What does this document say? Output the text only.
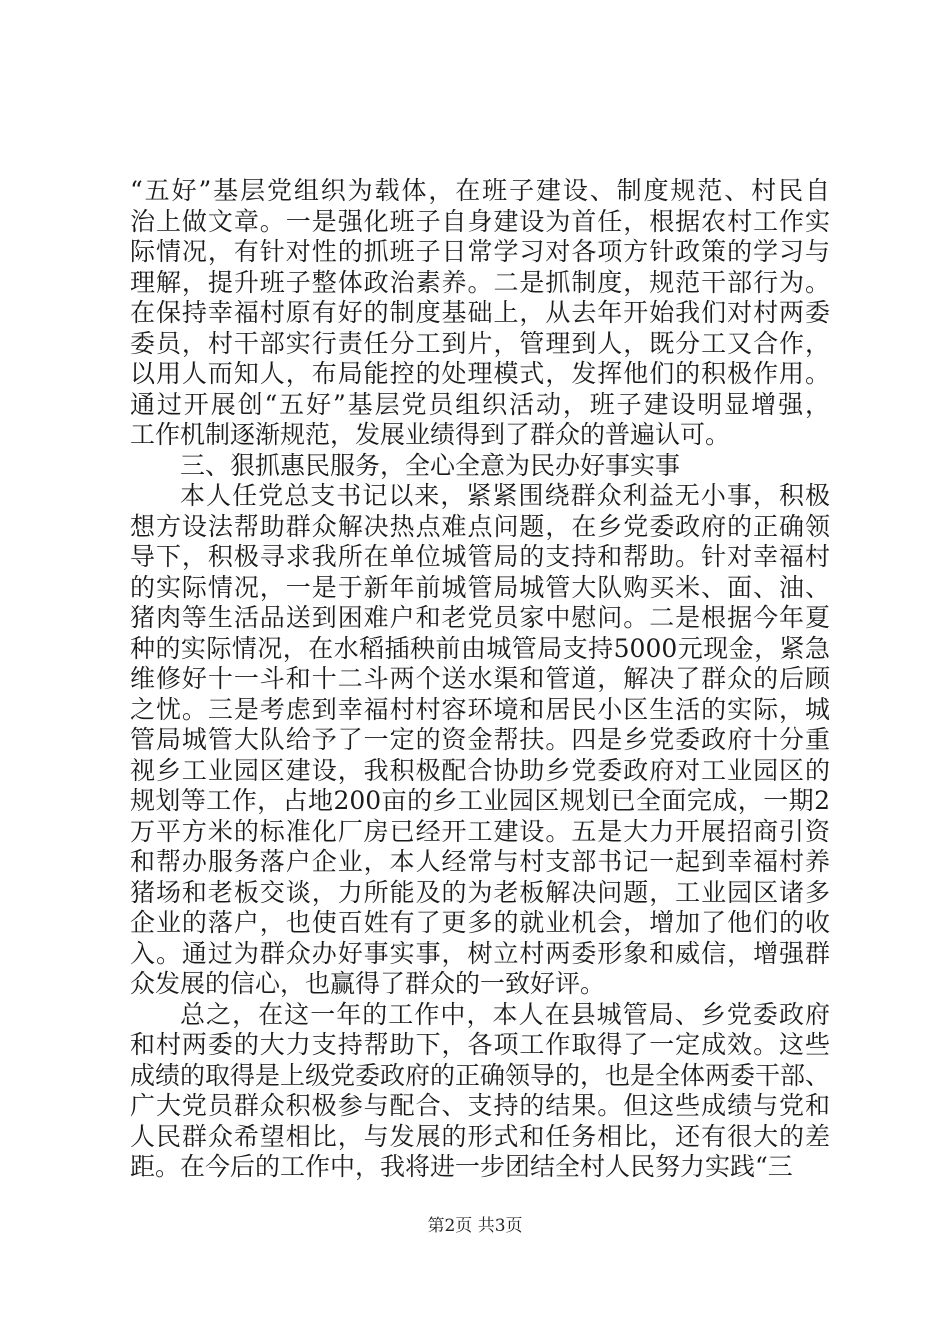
“五好”基层党组织为载体，在班子建设、制度规范、村民自
治上做文章。一是强化班子自身建设为首任，根据农村工作实
际情况，有针对性的抓班子日常学习对各项方针政策的学习与
理解，提升班子整体政治素养。二是抓制度，规范干部行为。
在保持幸福村原有好的制度基础上，从去年开始我们对村两委
委员，村干部实行责任分工到片，管理到人，既分工又合作，
以用人而知人，布局能控的处理模式，发挥他们的积极作用。
通过开展创“五好”基层党员组织活动，班子建设明显增强，
工作机制逐渐规范，发展业绩得到了群众的普遍认可。
三、狠抓惠民服务，全心全意为民办好事实事
本人任党总支书记以来，紧紧围绕群众利益无小事，积极
想方设法帮助群众解决热点难点问题，在乡党委政府的正确领
导下，积极寻求我所在单位城管局的支持和帮助。针对幸福村
的实际情况，一是于新年前城管局城管大队购买米、面、油、
猪肉等生活品送到困难户和老党员家中慰问。二是根据今年夏
种的实际情况，在水稻插秧前由城管局支持5000元现金，紧急
维修好十一斗和十二斗两个送水渠和管道，解决了群众的后顾
之忧。三是考虑到幸福村村容环境和居民小区生活的实际，城
管局城管大队给予了一定的资金帮扶。四是乡党委政府十分重
视乡工业园区建设，我积极配合协助乡党委政府对工业园区的
规划等工作，占地200亩的乡工业园区规划已全面完成，一期2
万平方米的标准化厂房已经开工建设。五是大力开展招商引资
和帮办服务落户企业，本人经常与村支部书记一起到幸福村养
猪场和老板交谈，力所能及的为老板解决问题，工业园区诸多
企业的落户，也使百姓有了更多的就业机会，增加了他们的收
入。通过为群众办好事实事，树立村两委形象和威信，增强群
众发展的信心，也赢得了群众的一致好评。
总之，在这一年的工作中，本人在县城管局、乡党委政府
和村两委的大力支持帮助下，各项工作取得了一定成效。这些
成绩的取得是上级党委政府的正确领导的，也是全体两委干部、
广大党员群众积极参与配合、支持的结果。但这些成绩与党和
第2页 共3页
人民群众希望相比，与发展的形式和任务相比，还有很大的差
距。在今后的工作中，我将进一步团结全村人民努力实践“三
